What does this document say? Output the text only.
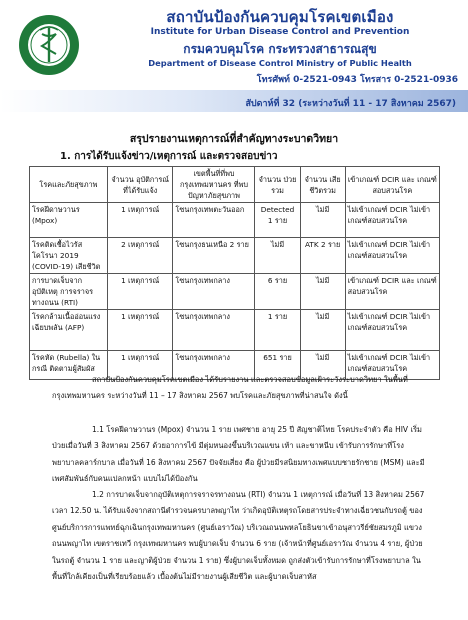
สถาบันป้องกันควบคุมโรคเขตเมือง
Institute for Urban Disease Control and Prevention
กรมควบคุมโรค กระทรวงสาธารณสุข
Department of Disease Control Ministry of Public Health
โทรศัพท์ 0-2521-0943 โทรสาร 0-2521-0936
สัปดาห์ที่ 32 (ระหว่างวันที่ 11 - 17 สิงหาคม 2567)
สรุปรายงานเหตุการณ์ที่สำคัญทางระบาดวิทยา
1. การได้รับแจ้งข่าว/เหตุการณ์ และตรวจสอบข่าว
โรคและภัยสุขภาพ	จำนวน อุบัติการณ์ที่ได้รับแจ้ง	เขตพื้นที่ที่พบกรุงเทพมหานคร ที่พบปัญหาภัยสุขภาพ	จำนวน ป่วยรวม	จำนวน เสียชีวิตรวม	เข้าเกณฑ์ DCIR และ เกณฑ์สอบสวนโรค
โรคฝีดาษวานร (Mpox)	1 เหตุการณ์	โซนกรุงเทพตะวันออก	Detected 1 ราย	ไม่มี	ไม่เข้าเกณฑ์ DCIR ไม่เข้าเกณฑ์สอบสวนโรค
โรคติดเชื้อไวรัสโคโรนา 2019 (COVID-19) เสียชีวิต	2 เหตุการณ์	โซนกรุงธนเหนือ 2 ราย	ไม่มี	ATK 2 ราย	ไม่เข้าเกณฑ์ DCIR ไม่เข้าเกณฑ์สอบสวนโรค
การบาดเจ็บจากอุบัติเหตุ การจราจรทางถนน (RTI)	1 เหตุการณ์	โซนกรุงเทพกลาง	6 ราย	ไม่มี	เข้าเกณฑ์ DCIR และ เกณฑ์สอบสวนโรค
โรคกล้ามเนื้ออ่อนแรงเฉียบพลัน (AFP)	1 เหตุการณ์	โซนกรุงเทพกลาง	1 ราย	ไม่มี	ไม่เข้าเกณฑ์ DCIR ไม่เข้าเกณฑ์สอบสวนโรค
โรคหัด (Rubella) ในกรณี ติดตามผู้สัมผัส	1 เหตุการณ์	โซนกรุงเทพกลาง	651 ราย	ไม่มี	ไม่เข้าเกณฑ์ DCIR ไม่เข้าเกณฑ์สอบสวนโรค
สถาบันป้องกันควบคุมโรคเขตเมือง ได้รับรายงาน และตรวจสอบข้อมูลเฝ้าระวังระบาดวิทยา ในพื้นที่กรุงเทพมหานคร ระหว่างวันที่ 11 – 17 สิงหาคม 2567 พบโรคและภัยสุขภาพที่น่าสนใจ ดังนี้
1.1 โรคฝีดาษวานร (Mpox) จำนวน 1 ราย เพศชาย อายุ 25 ปี สัญชาติไทย โรคประจำตัว คือ HIV เริ่มป่วยเมื่อวันที่ 3 สิงหาคม 2567 ด้วยอาการไข้ มีตุ่มหนองขึ้นบริเวณแขน เท้า และขาหนีบ เข้ารับการรักษาที่โรงพยาบาลคลาร์กบาล เมื่อวันที่ 16 สิงหาคม 2567 ปัจจัยเสี่ยง คือ ผู้ป่วยมีรสนิยมทางเพศแบบชายรักชาย (MSM) และมีเพศสัมพันธ์กับคนแปลกหน้า แบบไม่ได้ป้องกัน
1.2 การบาดเจ็บจากอุบัติเหตุการจราจรทางถนน (RTI) จำนวน 1 เหตุการณ์ เมื่อวันที่ 13 สิงหาคม 2567 เวลา 12.50 น. ได้รับแจ้งจากสถานีตำรวจนครบาลพญาไท ว่าเกิดอุบัติเหตุรถโดยสารประจำทางเฉี่ยวชนกับรถตู้ ของศูนย์บริการการแพทย์ฉุกเฉินกรุงเทพมหานคร (ศูนย์เอราวัณ) บริเวณถนนพหลโยธินขาเข้าอนุสาวรีย์ชัยสมรภูมิ แขวงถนนพญาไท เขตราชเทวี กรุงเทพมหานคร พบผู้บาดเจ็บ จำนวน 6 ราย (เจ้าหน้าที่ศูนย์เอราวัณ จำนวน 4 ราย, ผู้ป่วยในรถตู้ จำนวน 1 ราย และญาติผู้ป่วย จำนวน 1 ราย) ซึ่งผู้บาดเจ็บทั้งหมด ถูกส่งตัวเข้ารับการรักษาที่โรงพยาบาล ในพื้นที่ใกล้เคียงเป็นที่เรียบร้อยแล้ว เบื้องต้นไม่มีรายงานผู้เสียชีวิต และผู้บาดเจ็บสาหัส
